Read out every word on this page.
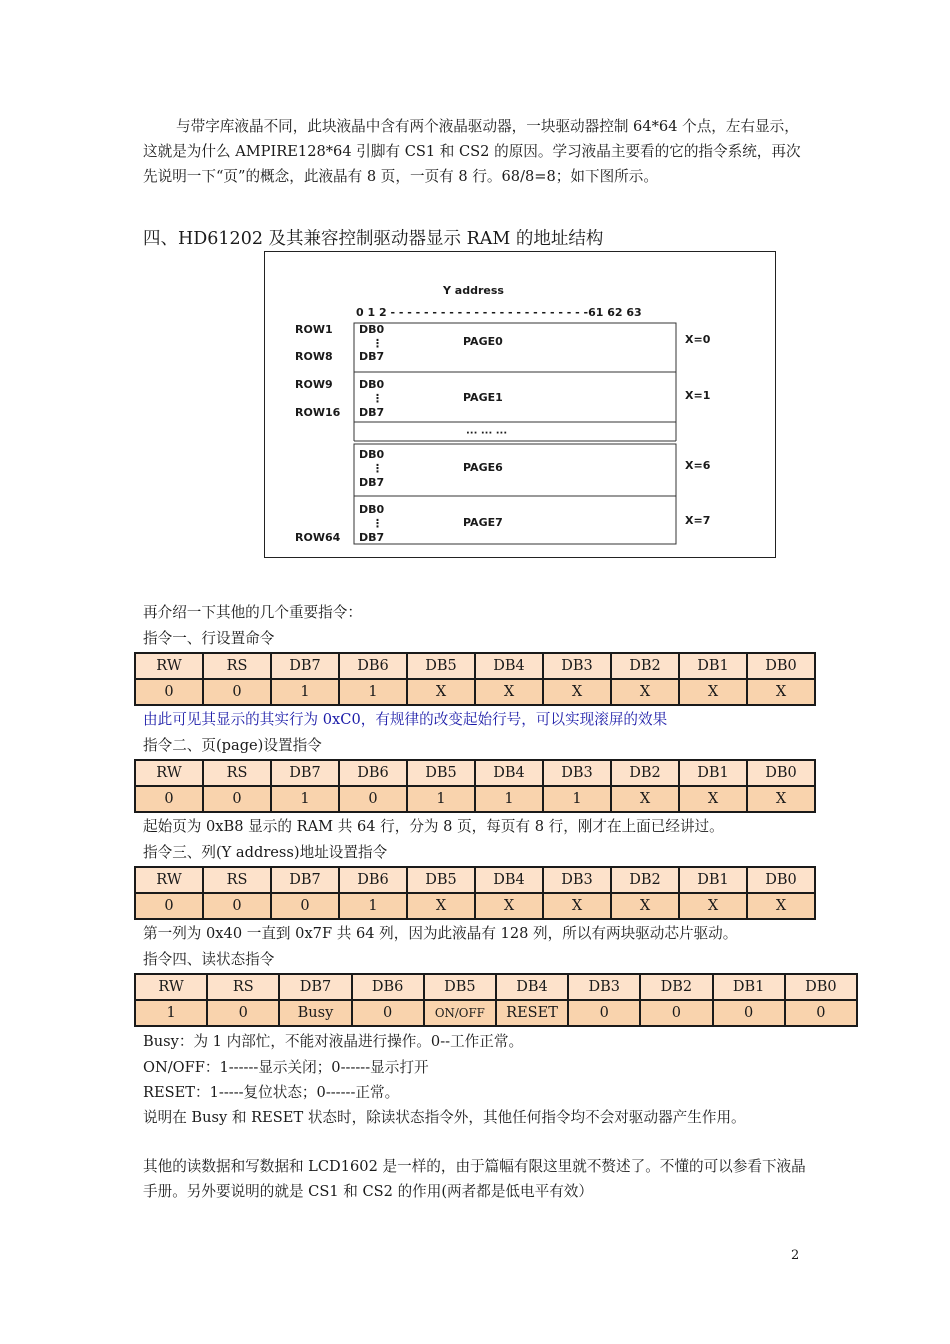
与带字库液晶不同，此块液晶中含有两个液晶驱动器，一块驱动器控制 64*64 个点，左右显示，这就是为什么 AMPIRE128*64 引脚有 CS1 和 CS2 的原因。学习液晶主要看的它的指令系统，再次先说明一下“页”的概念，此液晶有 8 页，一页有 8 行。68/8=8；如下图所示。

四、HD61202 及其兼容控制驱动器显示 RAM 的地址结构

Y address
0 1 2 - - - - - - - - - - - - - - - - - - - - - - - -61 62 63
ROW1
ROW8
ROW9
ROW16
ROW64
··· ··· ···
DB0
⋮
DB7
PAGE0	X=0
DB0
⋮
DB7
PAGE1	X=1
DB0
⋮
DB7
PAGE6	X=6
DB0
⋮
DB7
PAGE7	X=7

再介绍一下其他的几个重要指令：

指令一、行设置命令

RW	RS	DB7	DB6	DB5	DB4	DB3	DB2	DB1	DB0
0	0	1	1	X	X	X	X	X	X

由此可见其显示的其实行为 0xC0，有规律的改变起始行号，可以实现滚屏的效果

指令二、页(page)设置指令

RW	RS	DB7	DB6	DB5	DB4	DB3	DB2	DB1	DB0
0	0	1	0	1	1	1	X	X	X

起始页为 0xB8 显示的 RAM 共 64 行，分为 8 页，每页有 8 行，刚才在上面已经讲过。

指令三、列(Y address)地址设置指令

RW	RS	DB7	DB6	DB5	DB4	DB3	DB2	DB1	DB0
0	0	0	1	X	X	X	X	X	X

第一列为 0x40 一直到 0x7F 共 64 列，因为此液晶有 128 列，所以有两块驱动芯片驱动。

指令四、读状态指令

RW	RS	DB7	DB6	DB5	DB4	DB3	DB2	DB1	DB0
1	0	Busy	0	ON/OFF	RESET	0	0	0	0

Busy：为 1 内部忙，不能对液晶进行操作。0--工作正常。

ON/OFF：1------显示关闭；0------显示打开

RESET：1-----复位状态；0------正常。

说明在 Busy 和 RESET 状态时，除读状态指令外，其他任何指令均不会对驱动器产生作用。

其他的读数据和写数据和 LCD1602 是一样的，由于篇幅有限这里就不赘述了。不懂的可以参看下液晶手册。另外要说明的就是 CS1 和 CS2 的作用(两者都是低电平有效）

2
